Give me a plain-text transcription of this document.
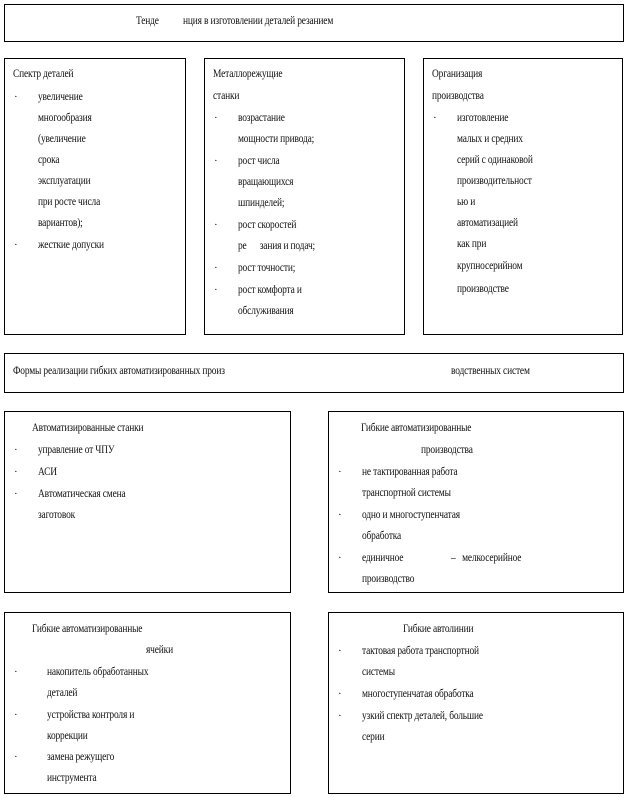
Тенде нция в изготовлении деталей резанием
Спектр деталей
· увеличение
многообразия
(увеличение
срока
эксплуатации
при росте числа
вариантов);
· жесткие допуски
Металлорежущие
станки
· возрастание
мощности привода;
· рост числа
вращающихся
шпинделей;
· рост скоростей
ре      зания и подач;
· рост точности;
· рост комфорта и
обслуживания
Организация
производства
· изготовление
малых и средних
серий с одинаковой
производительност
ью и
автоматизацией
как при
крупносерийном
производстве
Формы реализации гибких автоматизированных произ	водственных систем
Автоматизированные станки
· управление от ЧПУ
· АСИ
· Автоматическая смена
заготовок
Гибкие автоматизированные
производства
· не тактированная работа
транспортной системы
· одно и многоступенчатая
обработка
· единичное	–   мелкосерийное
производство
Гибкие автоматизированные
ячейки
·	накопитель обработанных
деталей
·	устройства контроля и
коррекции
·	замена режущего
инструмента
Гибкие автолинии
· тактовая работа транспортной
системы
· многоступенчатая обработка
· узкий спектр деталей, большие
серии
